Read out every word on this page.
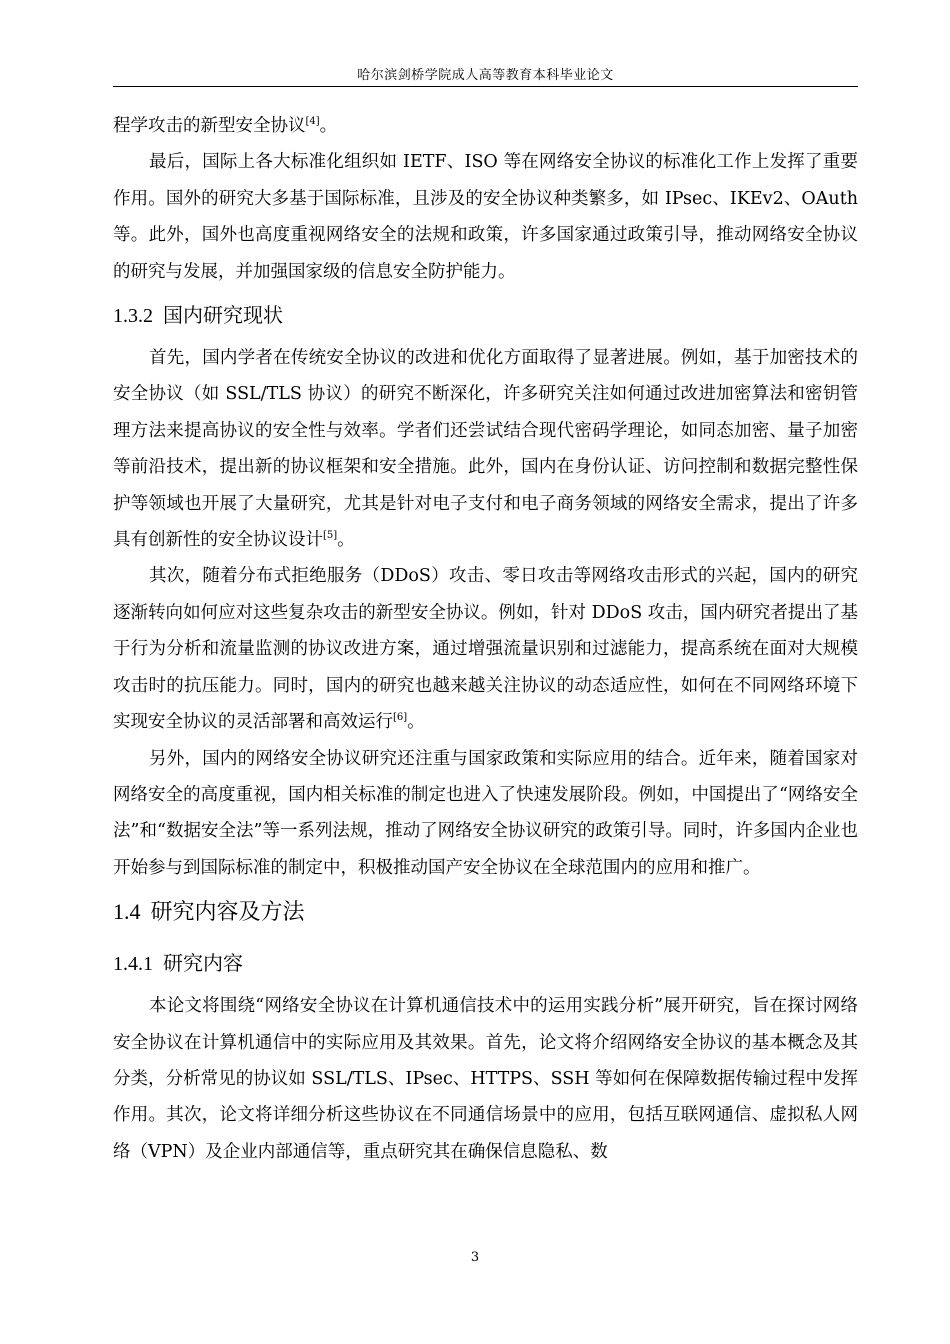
哈尔滨剑桥学院成人高等教育本科毕业论文

程学攻击的新型安全协议[4]。

最后，国际上各大标准化组织如 IETF、ISO 等在网络安全协议的标准化工作上发挥了重要作用。国外的研究大多基于国际标准，且涉及的安全协议种类繁多，如 IPsec、IKEv2、OAuth 等。此外，国外也高度重视网络安全的法规和政策，许多国家通过政策引导，推动网络安全协议的研究与发展，并加强国家级的信息安全防护能力。

1.3.2 国内研究现状

首先，国内学者在传统安全协议的改进和优化方面取得了显著进展。例如，基于加密技术的安全协议（如 SSL/TLS 协议）的研究不断深化，许多研究关注如何通过改进加密算法和密钥管理方法来提高协议的安全性与效率。学者们还尝试结合现代密码学理论，如同态加密、量子加密等前沿技术，提出新的协议框架和安全措施。此外，国内在身份认证、访问控制和数据完整性保护等领域也开展了大量研究，尤其是针对电子支付和电子商务领域的网络安全需求，提出了许多具有创新性的安全协议设计[5]。

其次，随着分布式拒绝服务（DDoS）攻击、零日攻击等网络攻击形式的兴起，国内的研究逐渐转向如何应对这些复杂攻击的新型安全协议。例如，针对 DDoS 攻击，国内研究者提出了基于行为分析和流量监测的协议改进方案，通过增强流量识别和过滤能力，提高系统在面对大规模攻击时的抗压能力。同时，国内的研究也越来越关注协议的动态适应性，如何在不同网络环境下实现安全协议的灵活部署和高效运行[6]。

另外，国内的网络安全协议研究还注重与国家政策和实际应用的结合。近年来，随着国家对网络安全的高度重视，国内相关标准的制定也进入了快速发展阶段。例如，中国提出了“网络安全法”和“数据安全法”等一系列法规，推动了网络安全协议研究的政策引导。同时，许多国内企业也开始参与到国际标准的制定中，积极推动国产安全协议在全球范围内的应用和推广。

1.4 研究内容及方法
1.4.1 研究内容

本论文将围绕“网络安全协议在计算机通信技术中的运用实践分析”展开研究，旨在探讨网络安全协议在计算机通信中的实际应用及其效果。首先，论文将介绍网络安全协议的基本概念及其分类，分析常见的协议如 SSL/TLS、IPsec、HTTPS、SSH 等如何在保障数据传输过程中发挥作用。其次，论文将详细分析这些协议在不同通信场景中的应用，包括互联网通信、虚拟私人网络（VPN）及企业内部通信等，重点研究其在确保信息隐私、数

3
